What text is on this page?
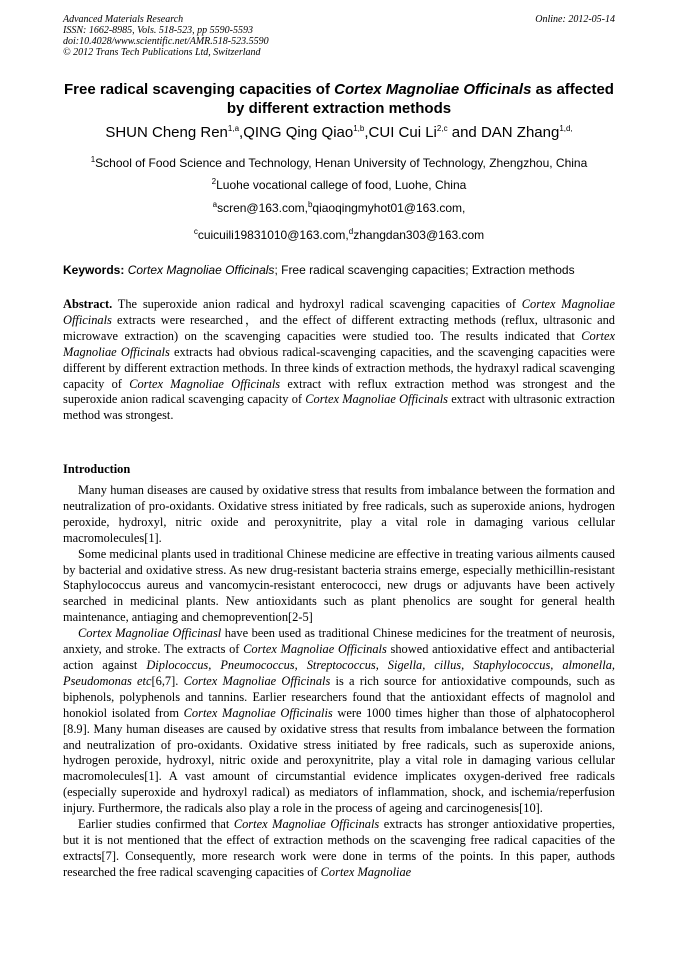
Advanced Materials Research	Online: 2012-05-14
ISSN: 1662-8985, Vols. 518-523, pp 5590-5593
doi:10.4028/www.scientific.net/AMR.518-523.5590
© 2012 Trans Tech Publications Ltd, Switzerland
Free radical scavenging capacities of Cortex Magnoliae Officinals as affected by different extraction methods
SHUN Cheng Ren$^{1,a}$,QING Qing Qiao$^{1,b}$,CUI Cui Li$^{2,c}$ and DAN Zhang$^{1,d,}$
$^1$School of Food Science and Technology, Henan University of Technology, Zhengzhou, China
$^2$Luohe vocational callege of food, Luohe, China
$^a$scren@163.com,$^b$qiaoqingmyhot01@163.com,
$^c$cuicuili19831010@163.com,$^d$zhangdan303@163.com
Keywords: Cortex Magnoliae Officinals; Free radical scavenging capacities; Extraction methods
Abstract. The superoxide anion radical and hydroxyl radical scavenging capacities of Cortex Magnoliae Officinals extracts were researched，and the effect of different extracting methods (reflux, ultrasonic and microwave extraction) on the scavenging capacities were studied too. The results indicated that Cortex Magnoliae Officinals extracts had obvious radical-scavenging capacities, and the scavenging capacities were different by different extraction methods. In three kinds of extraction methods, the hydraxyl radical scavenging capacity of Cortex Magnoliae Officinals extract with reflux extraction method was strongest and the superoxide anion radical scavenging capacity of Cortex Magnoliae Officinals extract with ultrasonic extraction method was strongest.
Introduction

Many human diseases are caused by oxidative stress that results from imbalance between the formation and neutralization of pro-oxidants. Oxidative stress initiated by free radicals, such as superoxide anions, hydrogen peroxide, hydroxyl, nitric oxide and peroxynitrite, play a vital role in damaging various cellular macromolecules[1].

Some medicinal plants used in traditional Chinese medicine are effective in treating various ailments caused by bacterial and oxidative stress. As new drug-resistant bacteria strains emerge, especially methicillin-resistant Staphylococcus aureus and vancomycin-resistant enterococci, new drugs or adjuvants have been actively searched in medicinal plants. New antioxidants such as plant phenolics are sought for general health maintenance, antiaging and chemoprevention[2-5]

Cortex Magnoliae Officinasl have been used as traditional Chinese medicines for the treatment of neurosis, anxiety, and stroke. The extracts of Cortex Magnoliae Officinals showed antioxidative effect and antibacterial action against Diplococcus, Pneumococcus, Streptococcus, Sigella, cillus, Staphylococcus, almonella, Pseudomonas etc[6,7]. Cortex Magnoliae Officinals is a rich source for antioxidative compounds, such as biphenols, polyphenols and tannins. Earlier researchers found that the antioxidant effects of magnolol and honokiol isolated from Cortex Magnoliae Officinalis were 1000 times higher than those of alphatocopherol [8.9]. Many human diseases are caused by oxidative stress that results from imbalance between the formation and neutralization of pro-oxidants. Oxidative stress initiated by free radicals, such as superoxide anions, hydrogen peroxide, hydroxyl, nitric oxide and peroxynitrite, play a vital role in damaging various cellular macromolecules[1]. A vast amount of circumstantial evidence implicates oxygen-derived free radicals (especially superoxide and hydroxyl radical) as mediators of inflammation, shock, and ischemia/reperfusion injury. Furthermore, the radicals also play a role in the process of ageing and carcinogenesis[10].

Earlier studies confirmed that Cortex Magnoliae Officinals extracts has stronger antioxidative properties, but it is not mentioned that the effect of extraction methods on the scavenging free radical capacities of the extracts[7]. Consequently, more research work were done in terms of the points. In this paper, authods researched the free radical scavenging capacities of Cortex Magnoliae
